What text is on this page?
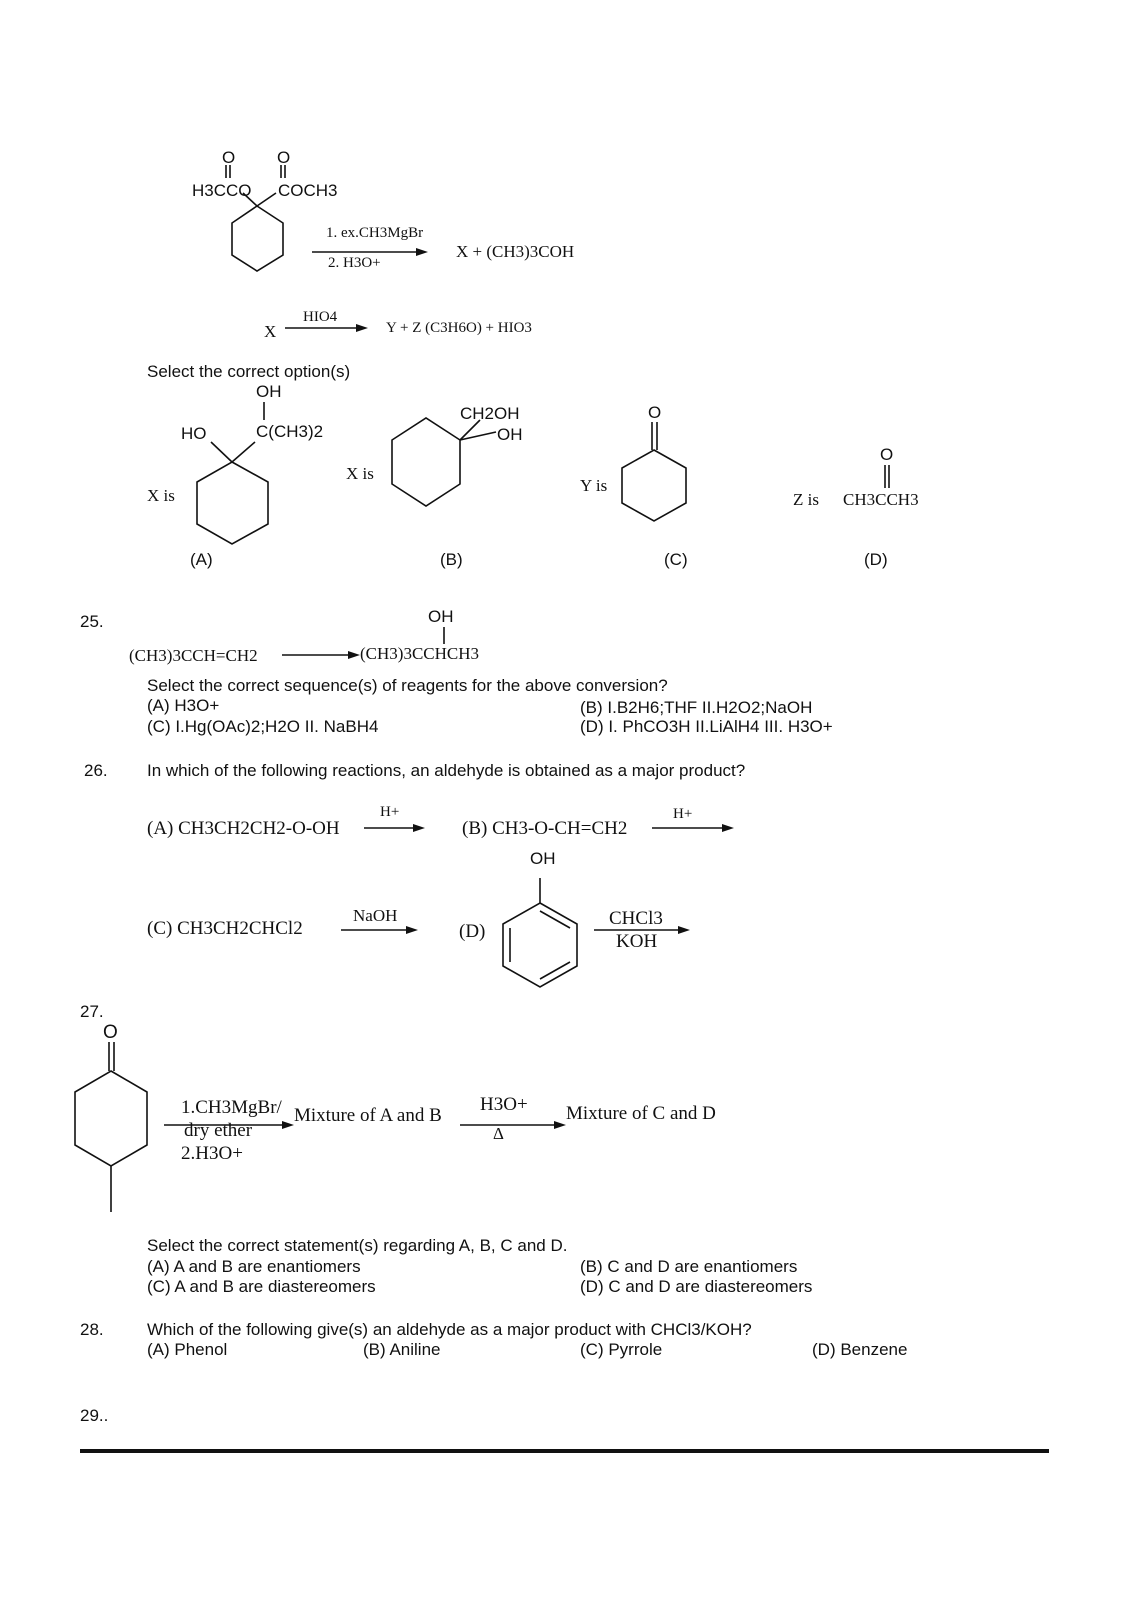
O O
H3CCO COCH3
1. ex.CH3MgBr
2. H3O+
X + (CH3)3COH
X
HIO4
Y + Z (C3H6O) + HIO3
Select the correct option(s)
OH
HO	C(CH3)2
X is
(A)
CH2OH
OH
X is
(B)
O
Y is
(C)
O
Z is CH3CCH3
(D)
25.	OH
(CH3)3CCH=CH2	(CH3)3CCHCH3
Select the correct sequence(s) of reagents for the above conversion?
(A) H3O+	(B) I.B2H6;THF II.H2O2;NaOH
(C) I.Hg(OAc)2;H2O II. NaBH4	(D) I. PhCO3H II.LiAlH4 III. H3O+
26. In which of the following reactions, an aldehyde is obtained as a major product?
(A) CH3CH2CH2-O-OH
H+
(B) CH3-O-CH=CH2
H+
OH
(C) CH3CH2CHCl2
NaOH
(D)
CHCl3
KOH
27.
O
1.CH3MgBr/
dry ether
2.H3O+
Mixture of A and B
H3O+
Δ
Mixture of C and D
Select the correct statement(s) regarding A, B, C and D.
(A) A and B are enantiomers	(B) C and D are enantiomers
(C) A and B are diastereomers	(D) C and D are diastereomers
28.	Which of the following give(s) an aldehyde as a major product with CHCl3/KOH?
(A) Phenol	(B) Aniline	(C) Pyrrole	(D) Benzene
29..
